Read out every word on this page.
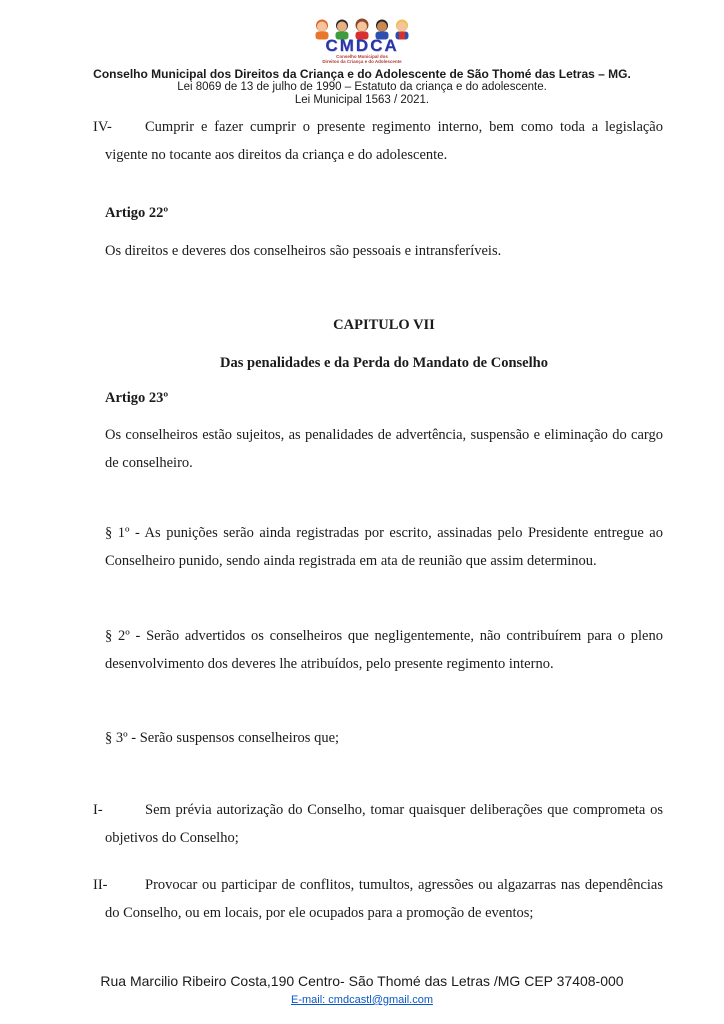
CMDCA
Conselho Municipal dos
Direitos da Criança e do Adolescente
Conselho Municipal dos Direitos da Criança e do Adolescente de São Thomé das Letras – MG.
Lei 8069 de 13 de julho de 1990 – Estatuto da criança e do adolescente.
Lei Municipal 1563 / 2021.

IV- Cumprir e fazer cumprir o presente regimento interno, bem como toda a legislação vigente no tocante aos direitos da criança e do adolescente.

Artigo 22º

Os direitos e deveres dos conselheiros são pessoais e intransferíveis.

CAPITULO VII

Das penalidades e da Perda do Mandato de Conselho

Artigo 23º

Os conselheiros estão sujeitos, as penalidades de advertência, suspensão e eliminação do cargo de conselheiro.

§ 1º - As punições serão ainda registradas por escrito, assinadas pelo Presidente entregue ao Conselheiro punido, sendo ainda registrada em ata de reunião que assim determinou.

§ 2º - Serão advertidos os conselheiros que negligentemente, não contribuírem para o pleno desenvolvimento dos deveres lhe atribuídos, pelo presente regimento interno.

§ 3º - Serão suspensos conselheiros que;

I-	Sem prévia autorização do Conselho, tomar quaisquer deliberações que comprometa os objetivos do Conselho;

II-	Provocar ou participar de conflitos, tumultos, agressões ou algazarras nas dependências do Conselho, ou em locais, por ele ocupados para a promoção de eventos;

Rua Marcilio Ribeiro Costa,190 Centro- São Thomé das Letras /MG CEP 37408-000
E-mail: cmdcastl@gmail.com
